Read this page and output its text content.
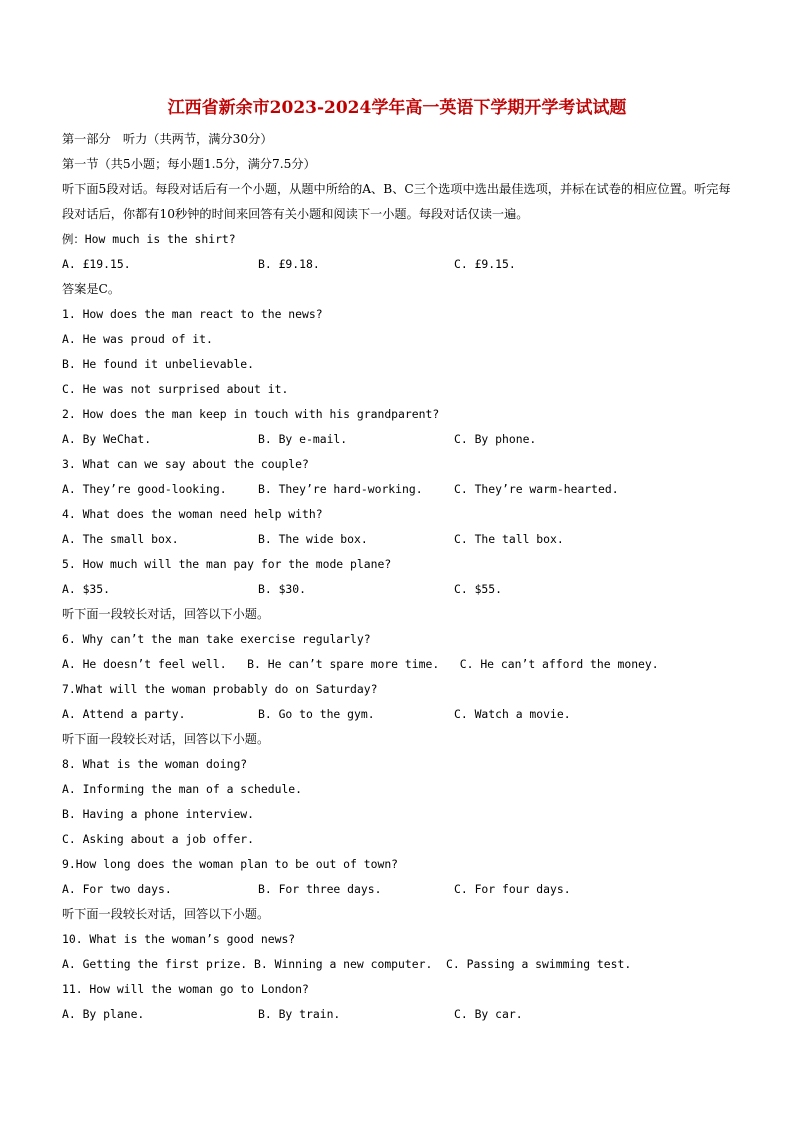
江西省新余市2023-2024学年高一英语下学期开学考试试题
第一部分　听力（共两节，满分30分）
第一节（共5小题；每小题1.5分，满分7.5分）
听下面5段对话。每段对话后有一个小题，从题中所给的A、B、C三个选项中选出最佳选项，并标在试卷的相应位置。听完每段对话后，你都有10秒钟的时间来回答有关小题和阅读下一小题。每段对话仅读一遍。
例：How much is the shirt?
A. £19.15.	B. £9.18.	C. £9.15.
答案是C。
1. How does the man react to the news?
A. He was proud of it.
B. He found it unbelievable.
C. He was not surprised about it.
2. How does the man keep in touch with his grandparent?
A. By WeChat.	B. By e-mail.	C. By phone.
3. What can we say about the couple?
A. They’re good-looking.	B. They’re hard-working.	C. They’re warm-hearted.
4. What does the woman need help with?
A. The small box.	B. The wide box.	C. The tall box.
5. How much will the man pay for the mode plane?
A. $35.	B. $30.	C. $55.
听下面一段较长对话，回答以下小题。
6. Why can’t the man take exercise regularly?
A. He doesn’t feel well.   B. He can’t spare more time.   C. He can’t afford the money.
7.What will the woman probably do on Saturday?
A. Attend a party.	B. Go to the gym.	C. Watch a movie.
听下面一段较长对话，回答以下小题。
8. What is the woman doing?
A. Informing the man of a schedule.
B. Having a phone interview.
C. Asking about a job offer.
9.How long does the woman plan to be out of town?
A. For two days.	B. For three days.	C. For four days.
听下面一段较长对话，回答以下小题。
10. What is the woman’s good news?
A. Getting the first prize. B. Winning a new computer.  C. Passing a swimming test.
11. How will the woman go to London?
A. By plane.	B. By train.	C. By car.
